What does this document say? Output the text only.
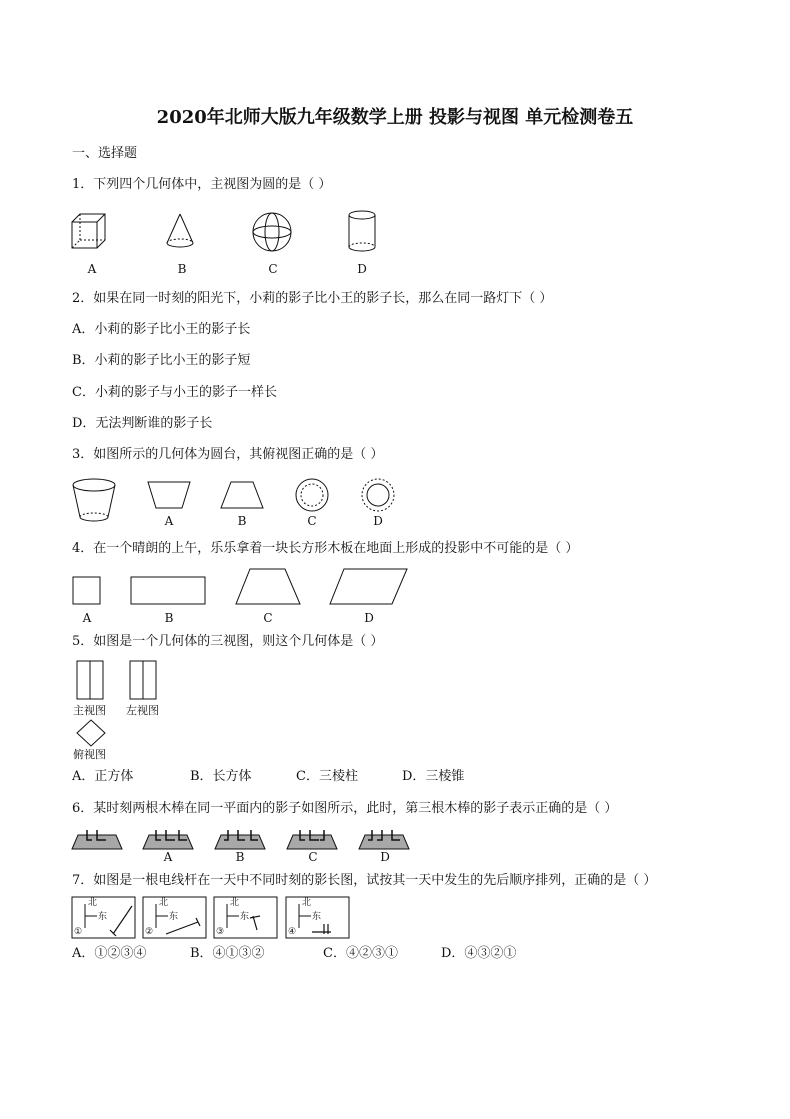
2020年北师大版九年级数学上册 投影与视图 单元检测卷五
一、选择题
1．下列四个几何体中，主视图为圆的是（ ）
A	B	C	D
2．如果在同一时刻的阳光下，小莉的影子比小王的影子长，那么在同一路灯下（ ）
A．小莉的影子比小王的影子长
B．小莉的影子比小王的影子短
C．小莉的影子与小王的影子一样长
D．无法判断谁的影子长
3．如图所示的几何体为圆台，其俯视图正确的是（ ）
A	B	C	D
4．在一个晴朗的上午，乐乐拿着一块长方形木板在地面上形成的投影中不可能的是（ ）
A	B	C	D
5．如图是一个几何体的三视图，则这个几何体是（ ）
主视图 左视图
俯视图
A．正方体	B．长方体	C．三棱柱	D．三棱锥
6．某时刻两根木棒在同一平面内的影子如图所示，此时，第三根木棒的影子表示正确的是（ ）
A	B	C	D
7．如图是一根电线杆在一天中不同时刻的影长图，试按其一天中发生的先后顺序排列，正确的是（ ）
北	北	北	北
东	东	东	东
①	②	③	④
A．①②③④	B．④①③②	C．④②③①	D．④③②①
